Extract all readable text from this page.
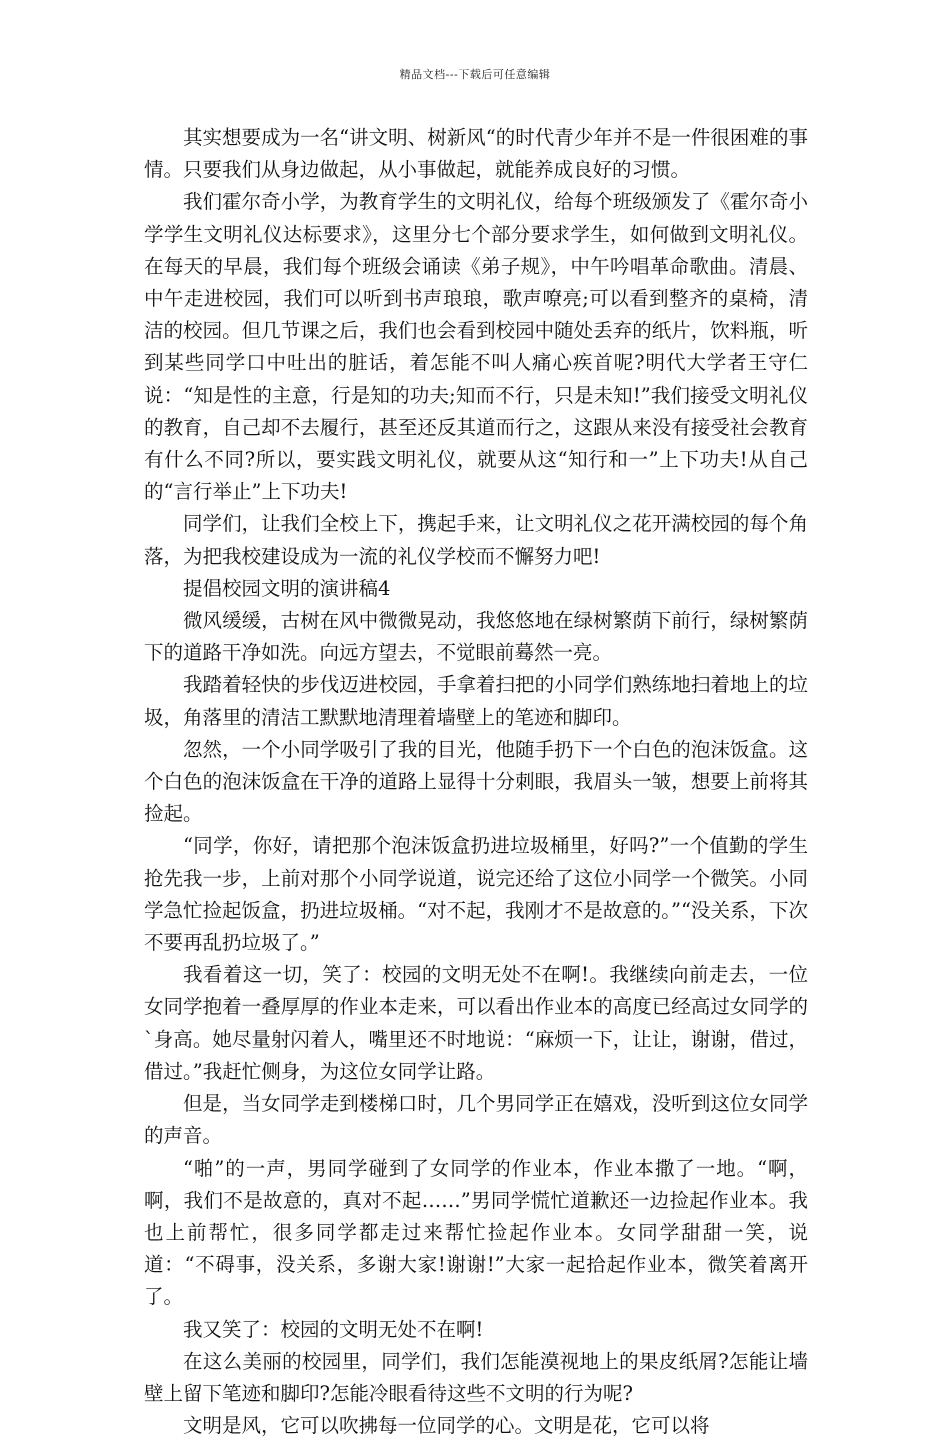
精品文档---下载后可任意编辑

其实想要成为一名“讲文明、树新风“的时代青少年并不是一件很困难的事情。只要我们从身边做起，从小事做起，就能养成良好的习惯。

我们霍尔奇小学，为教育学生的文明礼仪，给每个班级颁发了《霍尔奇小学学生文明礼仪达标要求》，这里分七个部分要求学生，如何做到文明礼仪。在每天的早晨，我们每个班级会诵读《弟子规》，中午吟唱革命歌曲。清晨、中午走进校园，我们可以听到书声琅琅，歌声嘹亮;可以看到整齐的桌椅，清洁的校园。但几节课之后，我们也会看到校园中随处丢弃的纸片，饮料瓶，听到某些同学口中吐出的脏话，着怎能不叫人痛心疾首呢?明代大学者王守仁说：“知是性的主意，行是知的功夫;知而不行，只是未知!”我们接受文明礼仪的教育，自己却不去履行，甚至还反其道而行之，这跟从来没有接受社会教育有什么不同?所以，要实践文明礼仪，就要从这“知行和一”上下功夫!从自己的“言行举止”上下功夫!

同学们，让我们全校上下，携起手来，让文明礼仪之花开满校园的每个角落，为把我校建设成为一流的礼仪学校而不懈努力吧!

提倡校园文明的演讲稿4

微风缓缓，古树在风中微微晃动，我悠悠地在绿树繁荫下前行，绿树繁荫下的道路干净如洗。向远方望去，不觉眼前蓦然一亮。

我踏着轻快的步伐迈进校园，手拿着扫把的小同学们熟练地扫着地上的垃圾，角落里的清洁工默默地清理着墙壁上的笔迹和脚印。

忽然，一个小同学吸引了我的目光，他随手扔下一个白色的泡沫饭盒。这个白色的泡沫饭盒在干净的道路上显得十分刺眼，我眉头一皱，想要上前将其捡起。

“同学，你好，请把那个泡沫饭盒扔进垃圾桶里，好吗?”一个值勤的学生抢先我一步，上前对那个小同学说道，说完还给了这位小同学一个微笑。小同学急忙捡起饭盒，扔进垃圾桶。“对不起，我刚才不是故意的。”“没关系，下次不要再乱扔垃圾了。”

我看着这一切，笑了：校园的文明无处不在啊!。我继续向前走去，一位女同学抱着一叠厚厚的作业本走来，可以看出作业本的高度已经高过女同学的`身高。她尽量射闪着人，嘴里还不时地说：“麻烦一下，让让，谢谢，借过，借过。”我赶忙侧身，为这位女同学让路。

但是，当女同学走到楼梯口时，几个男同学正在嬉戏，没听到这位女同学的声音。

“啪”的一声，男同学碰到了女同学的作业本，作业本撒了一地。“啊，啊，我们不是故意的，真对不起……”男同学慌忙道歉还一边捡起作业本。我也上前帮忙，很多同学都走过来帮忙捡起作业本。女同学甜甜一笑，说道：“不碍事，没关系，多谢大家!谢谢!”大家一起拾起作业本，微笑着离开了。

我又笑了：校园的文明无处不在啊!

在这么美丽的校园里，同学们，我们怎能漠视地上的果皮纸屑?怎能让墙壁上留下笔迹和脚印?怎能冷眼看待这些不文明的行为呢?

文明是风，它可以吹拂每一位同学的心。文明是花，它可以将
